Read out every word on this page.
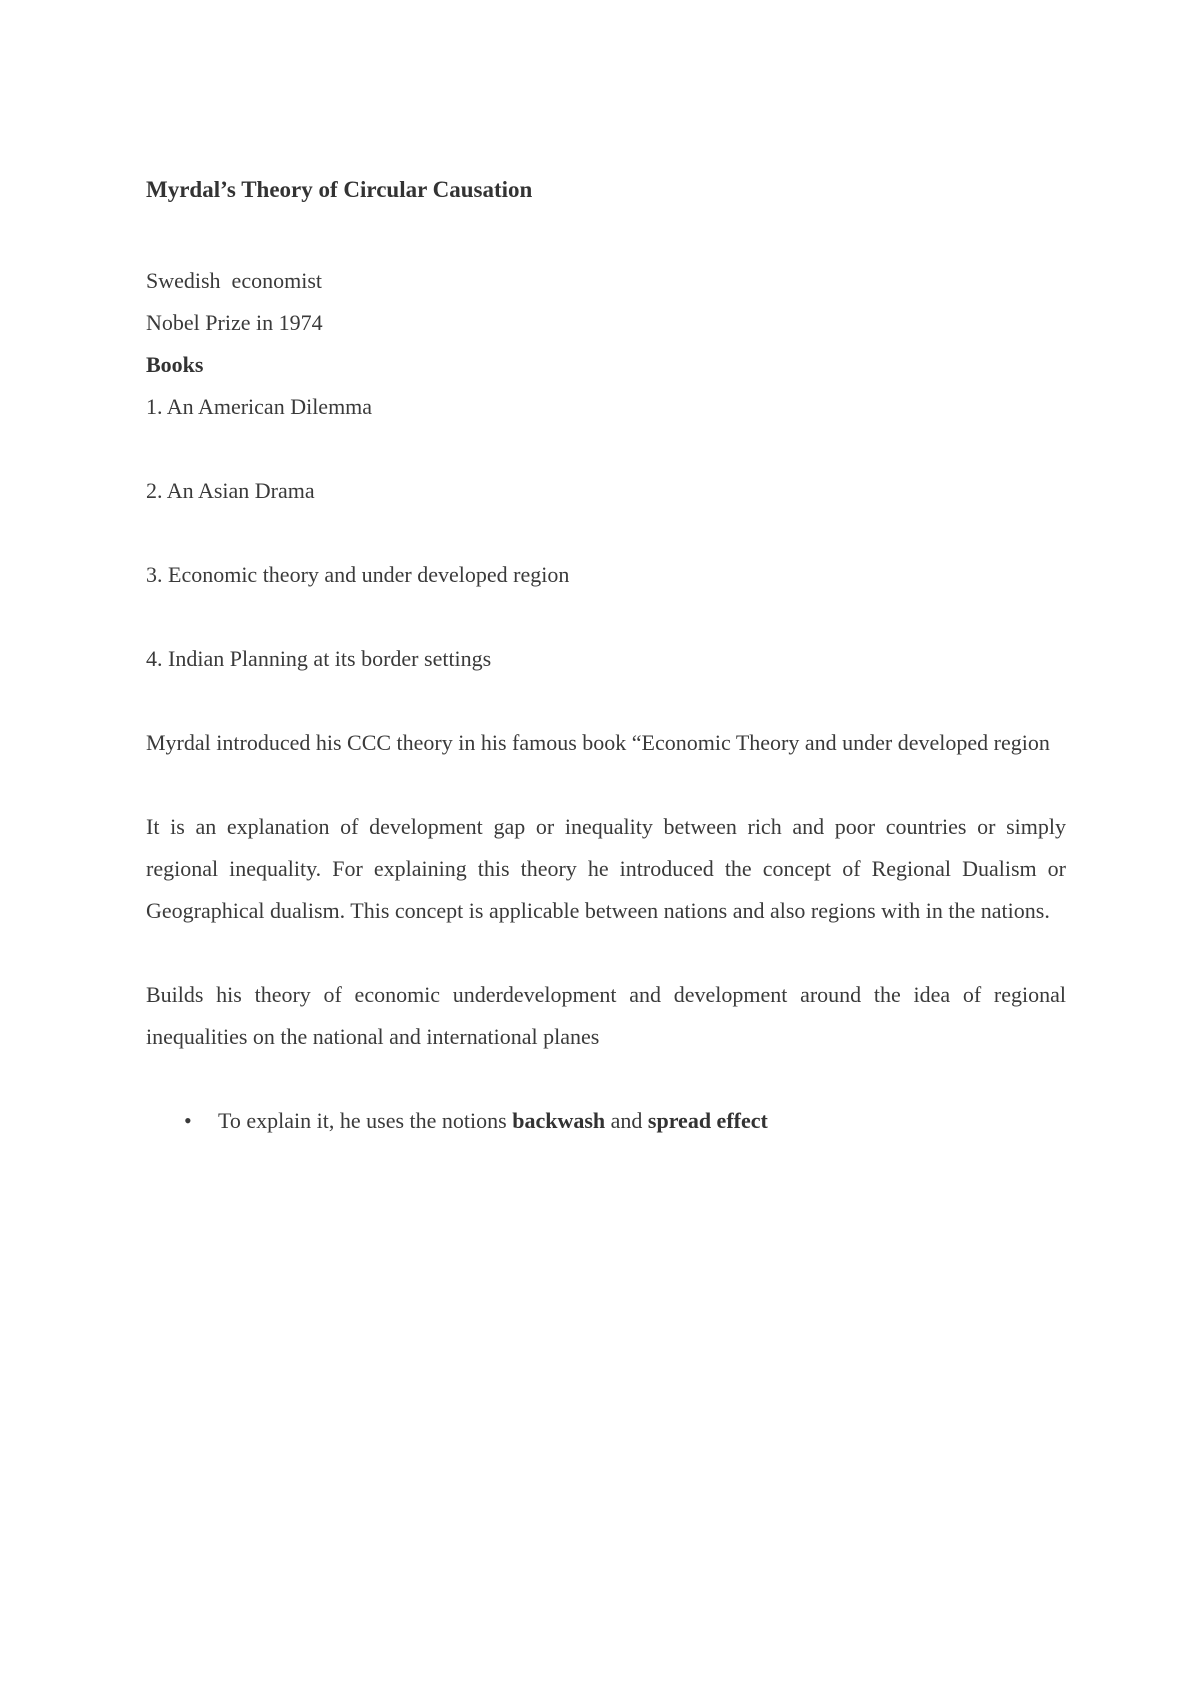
Myrdal’s Theory of Circular Causation

Swedish  economist

Nobel Prize in 1974

Books

1. An American Dilemma

2. An Asian Drama

3. Economic theory and under developed region

4. Indian Planning at its border settings

Myrdal introduced his CCC theory in his famous book “Economic Theory and under developed region

It is an explanation of development gap or inequality between rich and poor countries or simply regional inequality. For explaining this theory he introduced the concept of Regional Dualism or Geographical dualism. This concept is applicable between nations and also regions with in the nations.

Builds his theory of economic underdevelopment and development around the idea of regional inequalities on the national and international planes

• To explain it, he uses the notions backwash and spread effect
